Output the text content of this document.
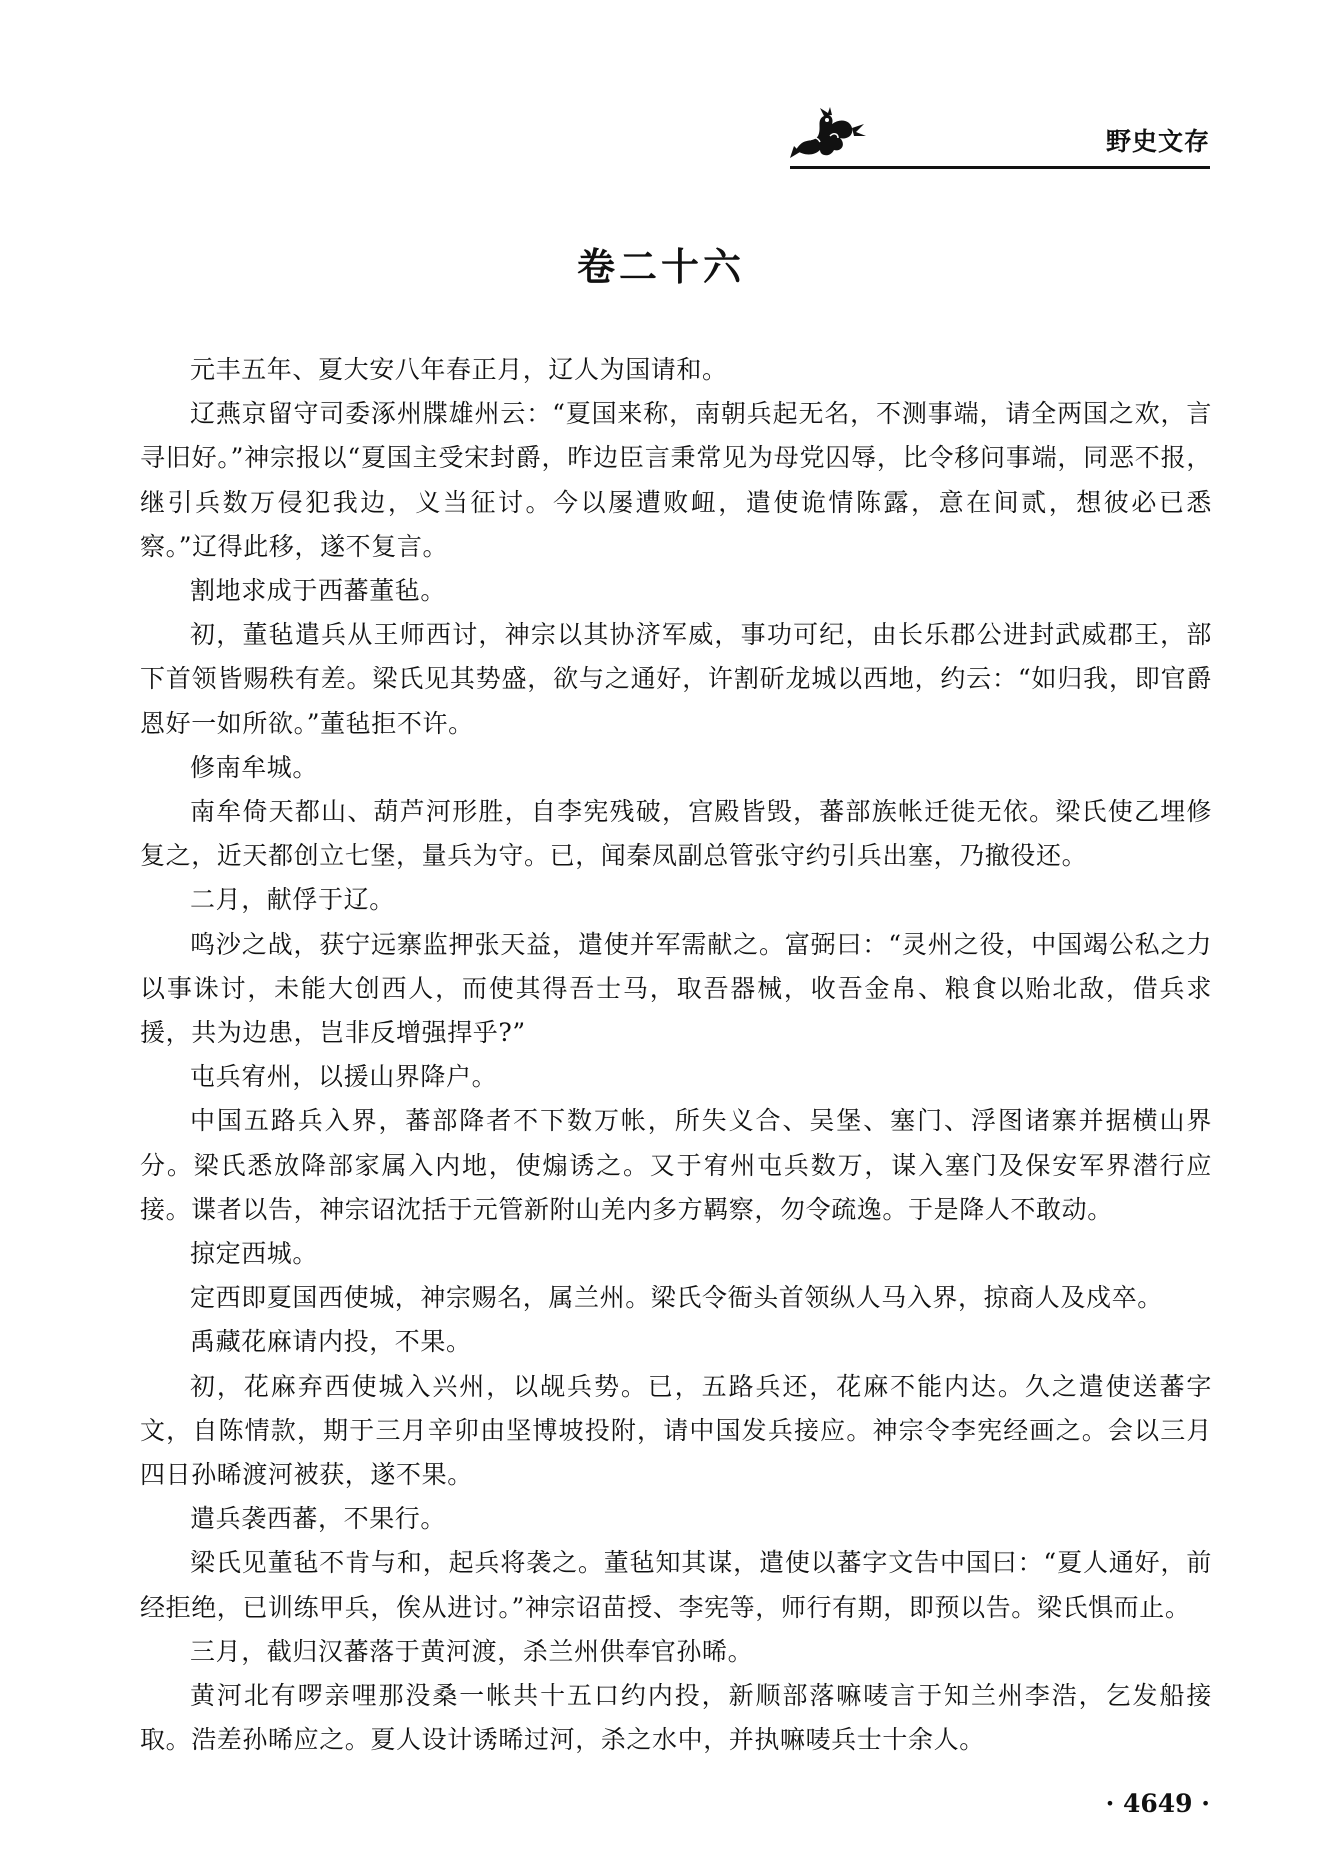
野史文存
卷二十六

元丰五年、夏大安八年春正月，辽人为国请和。

辽燕京留守司委涿州牒雄州云：“夏国来称，南朝兵起无名，不测事端，请全两国之欢，言寻旧好。”神宗报以“夏国主受宋封爵，昨边臣言秉常见为母党囚辱，比令移问事端，同恶不报，继引兵数万侵犯我边，义当征讨。今以屡遭败衄，遣使诡情陈露，意在间贰，想彼必已悉察。”辽得此移，遂不复言。

割地求成于西蕃董毡。

初，董毡遣兵从王师西讨，神宗以其协济军威，事功可纪，由长乐郡公进封武威郡王，部下首领皆赐秩有差。梁氏见其势盛，欲与之通好，许割斫龙城以西地，约云：“如归我，即官爵恩好一如所欲。”董毡拒不许。

修南牟城。

南牟倚天都山、葫芦河形胜，自李宪残破，宫殿皆毁，蕃部族帐迁徙无依。梁氏使乙埋修复之，近天都创立七堡，量兵为守。已，闻秦凤副总管张守约引兵出塞，乃撤役还。

二月，献俘于辽。

鸣沙之战，获宁远寨监押张天益，遣使并军需献之。富弼曰：“灵州之役，中国竭公私之力以事诛讨，未能大创西人，而使其得吾士马，取吾器械，收吾金帛、粮食以贻北敌，借兵求援，共为边患，岂非反增强捍乎?”

屯兵宥州，以援山界降户。

中国五路兵入界，蕃部降者不下数万帐，所失义合、吴堡、塞门、浮图诸寨并据横山界分。梁氏悉放降部家属入内地，使煽诱之。又于宥州屯兵数万，谋入塞门及保安军界潜行应接。谍者以告，神宗诏沈括于元管新附山羌内多方羁察，勿令疏逸。于是降人不敢动。

掠定西城。

定西即夏国西使城，神宗赐名，属兰州。梁氏令衙头首领纵人马入界，掠商人及戍卒。

禹藏花麻请内投，不果。

初，花麻弃西使城入兴州，以觇兵势。已，五路兵还，花麻不能内达。久之遣使送蕃字文，自陈情款，期于三月辛卯由坚博坡投附，请中国发兵接应。神宗令李宪经画之。会以三月四日孙晞渡河被获，遂不果。

遣兵袭西蕃，不果行。

梁氏见董毡不肯与和，起兵将袭之。董毡知其谋，遣使以蕃字文告中国曰：“夏人通好，前经拒绝，已训练甲兵，俟从进讨。”神宗诏苗授、李宪等，师行有期，即预以告。梁氏惧而止。

三月，截归汉蕃落于黄河渡，杀兰州供奉官孙晞。

黄河北有啰亲哩那没桑一帐共十五口约内投，新顺部落嘛唛言于知兰州李浩，乞发船接取。浩差孙晞应之。夏人设计诱晞过河，杀之水中，并执嘛唛兵士十余人。

· 4649 ·
